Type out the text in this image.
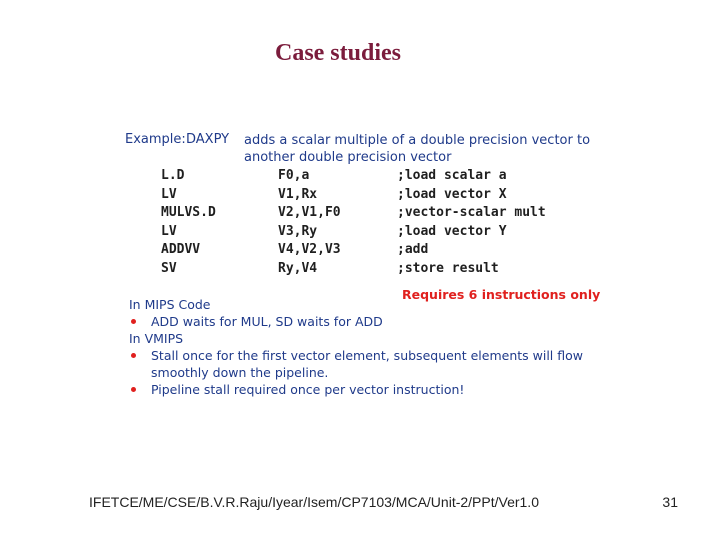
Case studies
Example: DAXPY adds a scalar multiple of a double precision vector to another double precision vector
L.D	F0,a	;load scalar a
LV	V1,Rx	;load vector X
MULVS.D	V2,V1,F0	;vector-scalar mult
LV	V3,Ry	;load vector Y
ADDVV	V4,V2,V3	;add
SV	Ry,V4	;store result
Requires 6 instructions only
In MIPS Code
ADD waits for MUL, SD waits for ADD
In VMIPS
Stall once for the first vector element, subsequent elements will flow smoothly down the pipeline.
Pipeline stall required once per vector instruction!
IFETCE/ME/CSE/B.V.R.Raju/Iyear/Isem/CP7103/MCA/Unit-2/PPt/Ver1.0	31
